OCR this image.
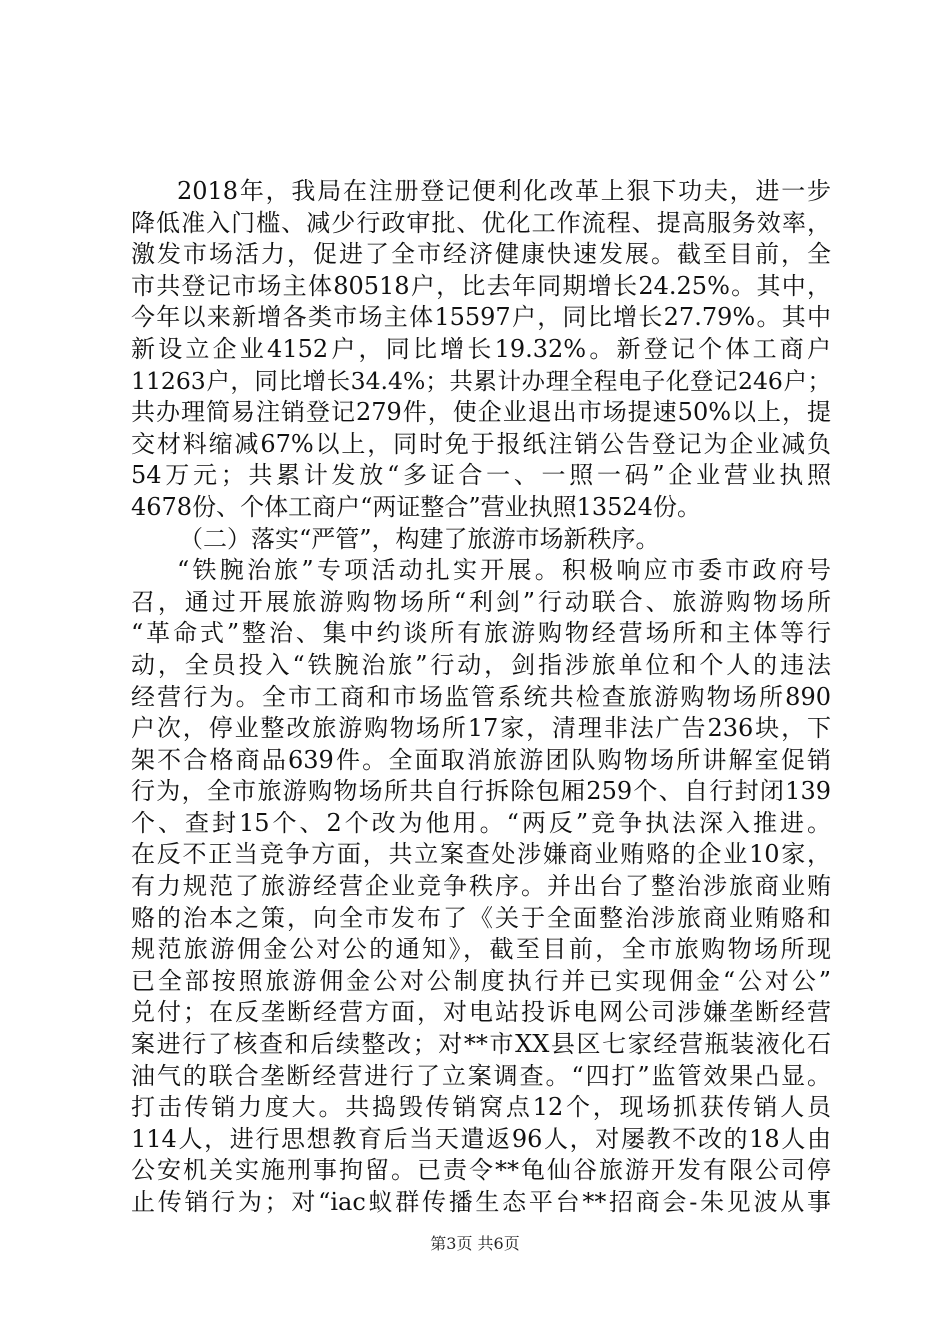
2018年，我局在注册登记便利化改革上狠下功夫，进一步
降低准入门槛、减少行政审批、优化工作流程、提高服务效率，
激发市场活力，促进了全市经济健康快速发展。截至目前，全
市共登记市场主体80518户，比去年同期增长24.25%。其中，
今年以来新增各类市场主体15597户，同比增长27.79%。其中
新设立企业4152户，同比增长19.32%。新登记个体工商户
11263户，同比增长34.4%；共累计办理全程电子化登记246户；
共办理简易注销登记279件，使企业退出市场提速50%以上，提
交材料缩减67%以上，同时免于报纸注销公告登记为企业减负
54万元；共累计发放“多证合一、一照一码”企业营业执照
4678份、个体工商户“两证整合”营业执照13524份。
（二）落实“严管”，构建了旅游市场新秩序。
“铁腕治旅”专项活动扎实开展。积极响应市委市政府号
召，通过开展旅游购物场所“利剑”行动联合、旅游购物场所
“革命式”整治、集中约谈所有旅游购物经营场所和主体等行
动，全员投入“铁腕治旅”行动，剑指涉旅单位和个人的违法
经营行为。全市工商和市场监管系统共检查旅游购物场所890
户次，停业整改旅游购物场所17家，清理非法广告236块，下
架不合格商品639件。全面取消旅游团队购物场所讲解室促销
行为，全市旅游购物场所共自行拆除包厢259个、自行封闭139
个、查封15个、2个改为他用。“两反”竞争执法深入推进。
在反不正当竞争方面，共立案查处涉嫌商业贿赂的企业10家，
有力规范了旅游经营企业竞争秩序。并出台了整治涉旅商业贿
赂的治本之策，向全市发布了《关于全面整治涉旅商业贿赂和
规范旅游佣金公对公的通知》，截至目前，全市旅购物场所现
已全部按照旅游佣金公对公制度执行并已实现佣金“公对公”
兑付；在反垄断经营方面，对电站投诉电网公司涉嫌垄断经营
案进行了核查和后续整改；对**市XX县区七家经营瓶装液化石
油气的联合垄断经营进行了立案调查。“四打”监管效果凸显。
打击传销力度大。共捣毁传销窝点12个，现场抓获传销人员
114人，进行思想教育后当天遣返96人，对屡教不改的18人由
公安机关实施刑事拘留。已责令**龟仙谷旅游开发有限公司停
止传销行为；对“iac蚁群传播生态平台**招商会-朱见波从事
第3页 共6页
